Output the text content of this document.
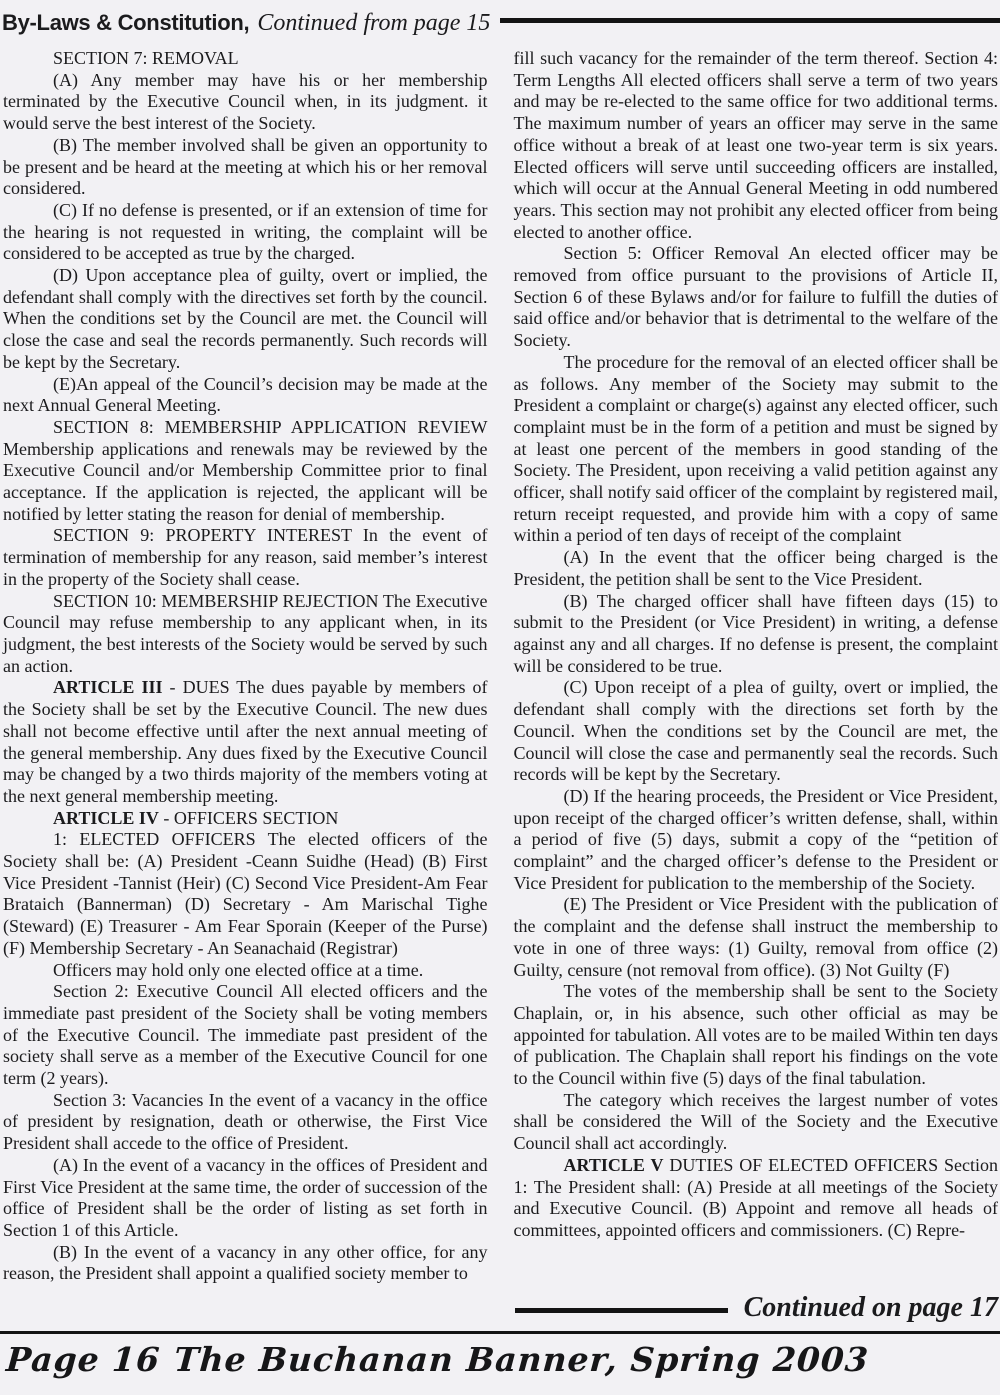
By-Laws & Constitution, Continued from page 15

SECTION 7: REMOVAL

(A) Any member may have his or her membership terminated by the Executive Council when, in its judgment. it would serve the best interest of the Society.

(B) The member involved shall be given an opportunity to be present and be heard at the meeting at which his or her removal considered.

(C) If no defense is presented, or if an extension of time for the hearing is not requested in writing, the complaint will be considered to be accepted as true by the charged.

(D) Upon acceptance plea of guilty, overt or implied, the defendant shall comply with the directives set forth by the council. When the conditions set by the Council are met. the Council will close the case and seal the records permanently. Such records will be kept by the Secretary.

(E)An appeal of the Council’s decision may be made at the next Annual General Meeting.

SECTION 8: MEMBERSHIP APPLICATION REVIEW Membership applications and renewals may be reviewed by the Executive Council and/or Membership Committee prior to final acceptance. If the application is rejected, the applicant will be notified by letter stating the reason for denial of membership.

SECTION 9: PROPERTY INTEREST In the event of termination of membership for any reason, said member’s interest in the property of the Society shall cease.

SECTION 10: MEMBERSHIP REJECTION The Executive Council may refuse membership to any applicant when, in its judgment, the best interests of the Society would be served by such an action.

ARTICLE III - DUES The dues payable by members of the Society shall be set by the Executive Council. The new dues shall not become effective until after the next annual meeting of the general membership. Any dues fixed by the Executive Council may be changed by a two thirds majority of the members voting at the next general membership meeting.

ARTICLE IV - OFFICERS SECTION

1: ELECTED OFFICERS The elected officers of the Society shall be: (A) President -Ceann Suidhe (Head) (B) First Vice President -Tannist (Heir) (C) Second Vice President-Am Fear Brataich (Bannerman) (D) Secretary - Am Marischal Tighe (Steward) (E) Treasurer - Am Fear Sporain (Keeper of the Purse) (F) Membership Secretary - An Seanachaid (Registrar)

Officers may hold only one elected office at a time.

Section 2: Executive Council All elected officers and the immediate past president of the Society shall be voting members of the Executive Council. The immediate past president of the society shall serve as a member of the Executive Council for one term (2 years).

Section 3: Vacancies In the event of a vacancy in the office of president by resignation, death or otherwise, the First Vice President shall accede to the office of President.

(A) In the event of a vacancy in the offices of President and First Vice President at the same time, the order of succession of the office of President shall be the order of listing as set forth in Section 1 of this Article.

(B) In the event of a vacancy in any other office, for any reason, the President shall appoint a qualified society member to

fill such vacancy for the remainder of the term thereof. Section 4: Term Lengths All elected officers shall serve a term of two years and may be re-elected to the same office for two additional terms. The maximum number of years an officer may serve in the same office without a break of at least one two-year term is six years. Elected officers will serve until succeeding officers are installed, which will occur at the Annual General Meeting in odd numbered years. This section may not prohibit any elected officer from being elected to another office.

Section 5: Officer Removal An elected officer may be removed from office pursuant to the provisions of Article II, Section 6 of these Bylaws and/or for failure to fulfill the duties of said office and/or behavior that is detrimental to the welfare of the Society.

The procedure for the removal of an elected officer shall be as follows. Any member of the Society may submit to the President a complaint or charge(s) against any elected officer, such complaint must be in the form of a petition and must be signed by at least one percent of the members in good standing of the Society. The President, upon receiving a valid petition against any officer, shall notify said officer of the complaint by registered mail, return receipt requested, and provide him with a copy of same within a period of ten days of receipt of the complaint

(A) In the event that the officer being charged is the President, the petition shall be sent to the Vice President.

(B) The charged officer shall have fifteen days (15) to submit to the President (or Vice President) in writing, a defense against any and all charges. If no defense is present, the complaint will be considered to be true.

(C) Upon receipt of a plea of guilty, overt or implied, the defendant shall comply with the directions set forth by the Council. When the conditions set by the Council are met, the Council will close the case and permanently seal the records. Such records will be kept by the Secretary.

(D) If the hearing proceeds, the President or Vice President, upon receipt of the charged officer’s written defense, shall, within a period of five (5) days, submit a copy of the “petition of complaint” and the charged officer’s defense to the President or Vice President for publication to the membership of the Society.

(E) The President or Vice President with the publication of the complaint and the defense shall instruct the membership to vote in one of three ways: (1) Guilty, removal from office (2) Guilty, censure (not removal from office). (3) Not Guilty (F)

The votes of the membership shall be sent to the Society Chaplain, or, in his absence, such other official as may be appointed for tabulation. All votes are to be mailed Within ten days of publication. The Chaplain shall report his findings on the vote to the Council within five (5) days of the final tabulation.

The category which receives the largest number of votes shall be considered the Will of the Society and the Executive Council shall act accordingly.

ARTICLE V DUTIES OF ELECTED OFFICERS Section 1: The President shall: (A) Preside at all meetings of the Society and Executive Council. (B) Appoint and remove all heads of committees, appointed officers and commissioners. (C) Repre-

Continued on page 17
Page 16 The Buchanan Banner, Spring 2003
